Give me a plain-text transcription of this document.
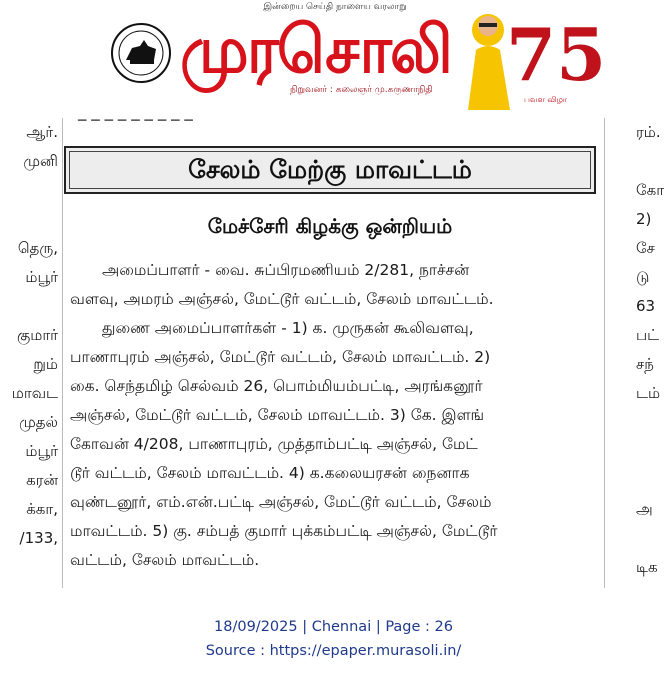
இன்றைய செய்தி நாளைய வரலாறு
முரசொலி
நிறுவனர் : கலைஞர் மு.கருணாநிதி 75
பவள விழா
ஆர்.
முனி
தெரு,
ம்பூர்
குமார்
றும்
மாவட
முதல்
ம்பூர்
கரன்
க்கா,
/133,
─ ─ ─ ─ ─ ─ ─ ─ ─
சேலம் மேற்கு மாவட்டம்
மேச்சேரி கிழக்கு ஒன்றியம்
அமைப்பாளர் - வை. சுப்பிரமணியம் 2/281, நாச்சன்
வளவு, அமரம் அஞ்சல், மேட்டூர் வட்டம், சேலம் மாவட்டம்.
துணை அமைப்பாளர்கள் - 1) க. முருகன் கூலிவளவு,
பாணாபுரம் அஞ்சல், மேட்டூர் வட்டம், சேலம் மாவட்டம். 2)
கை. செந்தமிழ் செல்வம் 26, பொம்மியம்பட்டி, அரங்கனூர்
அஞ்சல், மேட்டூர் வட்டம், சேலம் மாவட்டம். 3) கே. இளங்
கோவன் 4/208, பாணாபுரம், முத்தாம்பட்டி அஞ்சல், மேட்
டூர் வட்டம், சேலம் மாவட்டம். 4) க.கலையரசன் நைனாக
வுண்டனூர், எம்.என்.பட்டி அஞ்சல், மேட்டூர் வட்டம், சேலம்
மாவட்டம். 5) கு. சம்பத் குமார் புக்கம்பட்டி அஞ்சல், மேட்டூர்
வட்டம், சேலம் மாவட்டம்.
ரம்.
கோ
2)
சே
டு
63
பட்
சந்
டம்
அ
டிக
18/09/2025 | Chennai | Page : 26
Source : https://epaper.murasoli.in/
